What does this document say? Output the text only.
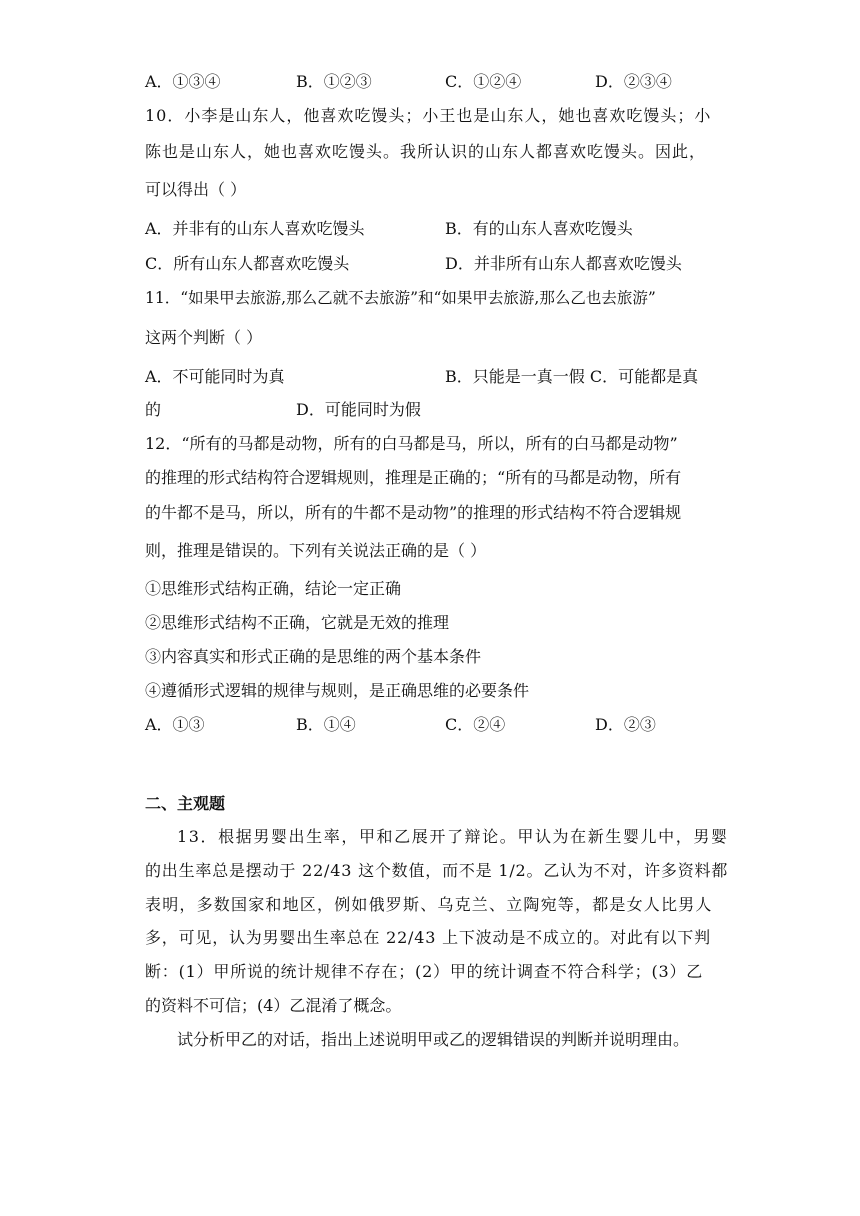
A．①③④	B．①②③	C．①②④	D．②③④
10．小李是山东人，他喜欢吃馒头；小王也是山东人，她也喜欢吃馒头；小
陈也是山东人，她也喜欢吃馒头。我所认识的山东人都喜欢吃馒头。因此，
可以得出（ ）
A．并非有的山东人喜欢吃馒头	B．有的山东人喜欢吃馒头
C．所有山东人都喜欢吃馒头	D．并非所有山东人都喜欢吃馒头
11．“如果甲去旅游,那么乙就不去旅游”和“如果甲去旅游,那么乙也去旅游”
这两个判断（ ）
A．不可能同时为真	B．只能是一真一假 C．可能都是真
的	D．可能同时为假
12．“所有的马都是动物，所有的白马都是马，所以，所有的白马都是动物”
的推理的形式结构符合逻辑规则，推理是正确的；“所有的马都是动物，所有
的牛都不是马，所以，所有的牛都不是动物”的推理的形式结构不符合逻辑规
则，推理是错误的。下列有关说法正确的是（ ）
①思维形式结构正确，结论一定正确
②思维形式结构不正确，它就是无效的推理
③内容真实和形式正确的是思维的两个基本条件
④遵循形式逻辑的规律与规则，是正确思维的必要条件
A．①③	B．①④	C．②④	D．②③
二、主观题
13．根据男婴出生率，甲和乙展开了辩论。甲认为在新生婴儿中，男婴
的出生率总是摆动于 22/43 这个数值，而不是 1/2。乙认为不对，许多资料都
表明，多数国家和地区，例如俄罗斯、乌克兰、立陶宛等，都是女人比男人
多，可见，认为男婴出生率总在 22/43 上下波动是不成立的。对此有以下判
断：(1）甲所说的统计规律不存在；(2）甲的统计调查不符合科学；(3）乙
的资料不可信；(4）乙混淆了概念。
试分析甲乙的对话，指出上述说明甲或乙的逻辑错误的判断并说明理由。
